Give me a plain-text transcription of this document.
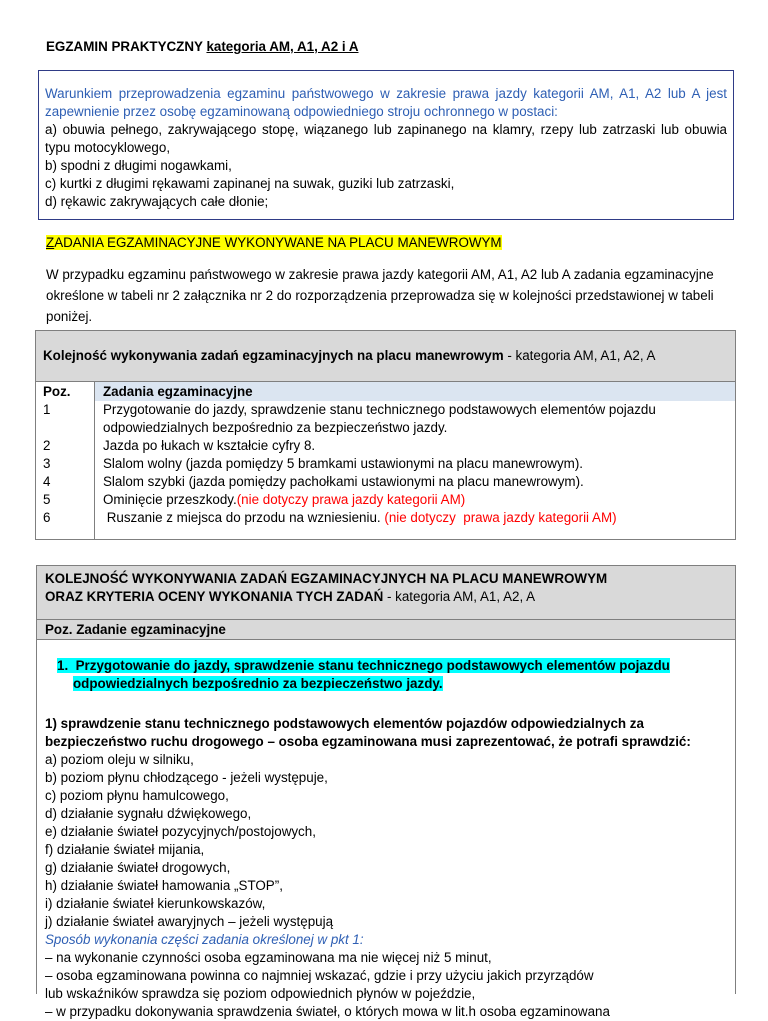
EGZAMIN PRAKTYCZNY kategoria AM, A1, A2 i A
Warunkiem przeprowadzenia egzaminu państwowego w zakresie prawa jazdy kategorii AM, A1, A2 lub A jest zapewnienie przez osobę egzaminowaną odpowiedniego stroju ochronnego w postaci:
a) obuwia pełnego, zakrywającego stopę, wiązanego lub zapinanego na klamry, rzepy lub zatrzaski lub obuwia typu motocyklowego,
b) spodni z długimi nogawkami,
c) kurtki z długimi rękawami zapinanej na suwak, guziki lub zatrzaski,
d) rękawic zakrywających całe dłonie;
ZADANIA EGZAMINACYJNE WYKONYWANE NA PLACU MANEWROWYM
W przypadku egzaminu państwowego w zakresie prawa jazdy kategorii AM, A1, A2 lub A zadania egzaminacyjne określone w tabeli nr 2 załącznika nr 2 do rozporządzenia przeprowadza się w kolejności przedstawionej w tabeli poniżej.
Kolejność wykonywania zadań egzaminacyjnych na placu manewrowym - kategoria AM, A1, A2, A
Poz. Zadania egzaminacyjne
1	Przygotowanie do jazdy, sprawdzenie stanu technicznego podstawowych elementów pojazdu odpowiedzialnych bezpośrednio za bezpieczeństwo jazdy.
2	Jazda po łukach w kształcie cyfry 8.
3	Slalom wolny (jazda pomiędzy 5 bramkami ustawionymi na placu manewrowym).
4	Slalom szybki (jazda pomiędzy pachołkami ustawionymi na placu manewrowym).
5	Ominięcie przeszkody.(nie dotyczy prawa jazdy kategorii AM)
6	Ruszanie z miejsca do przodu na wzniesieniu. (nie dotyczy  prawa jazdy kategorii AM)
KOLEJNOŚĆ WYKONYWANIA ZADAŃ EGZAMINACYJNYCH NA PLACU MANEWROWYM
ORAZ KRYTERIA OCENY WYKONANIA TYCH ZADAŃ - kategoria AM, A1, A2, A
Poz. Zadanie egzaminacyjne
1. Przygotowanie do jazdy, sprawdzenie stanu technicznego podstawowych elementów pojazdu odpowiedzialnych bezpośrednio za bezpieczeństwo jazdy.
1) sprawdzenie stanu technicznego podstawowych elementów pojazdów odpowiedzialnych za bezpieczeństwo ruchu drogowego – osoba egzaminowana musi zaprezentować, że potrafi sprawdzić:
a) poziom oleju w silniku,
b) poziom płynu chłodzącego - jeżeli występuje,
c) poziom płynu hamulcowego,
d) działanie sygnału dźwiękowego,
e) działanie świateł pozycyjnych/postojowych,
f) działanie świateł mijania,
g) działanie świateł drogowych,
h) działanie świateł hamowania „STOP”,
i) działanie świateł kierunkowskazów,
j) działanie świateł awaryjnych – jeżeli występują
Sposób wykonania części zadania określonej w pkt 1:
– na wykonanie czynności osoba egzaminowana ma nie więcej niż 5 minut,
– osoba egzaminowana powinna co najmniej wskazać, gdzie i przy użyciu jakich przyrządów
lub wskaźników sprawdza się poziom odpowiednich płynów w pojeździe,
– w przypadku dokonywania sprawdzenia świateł, o których mowa w lit.h osoba egzaminowana
